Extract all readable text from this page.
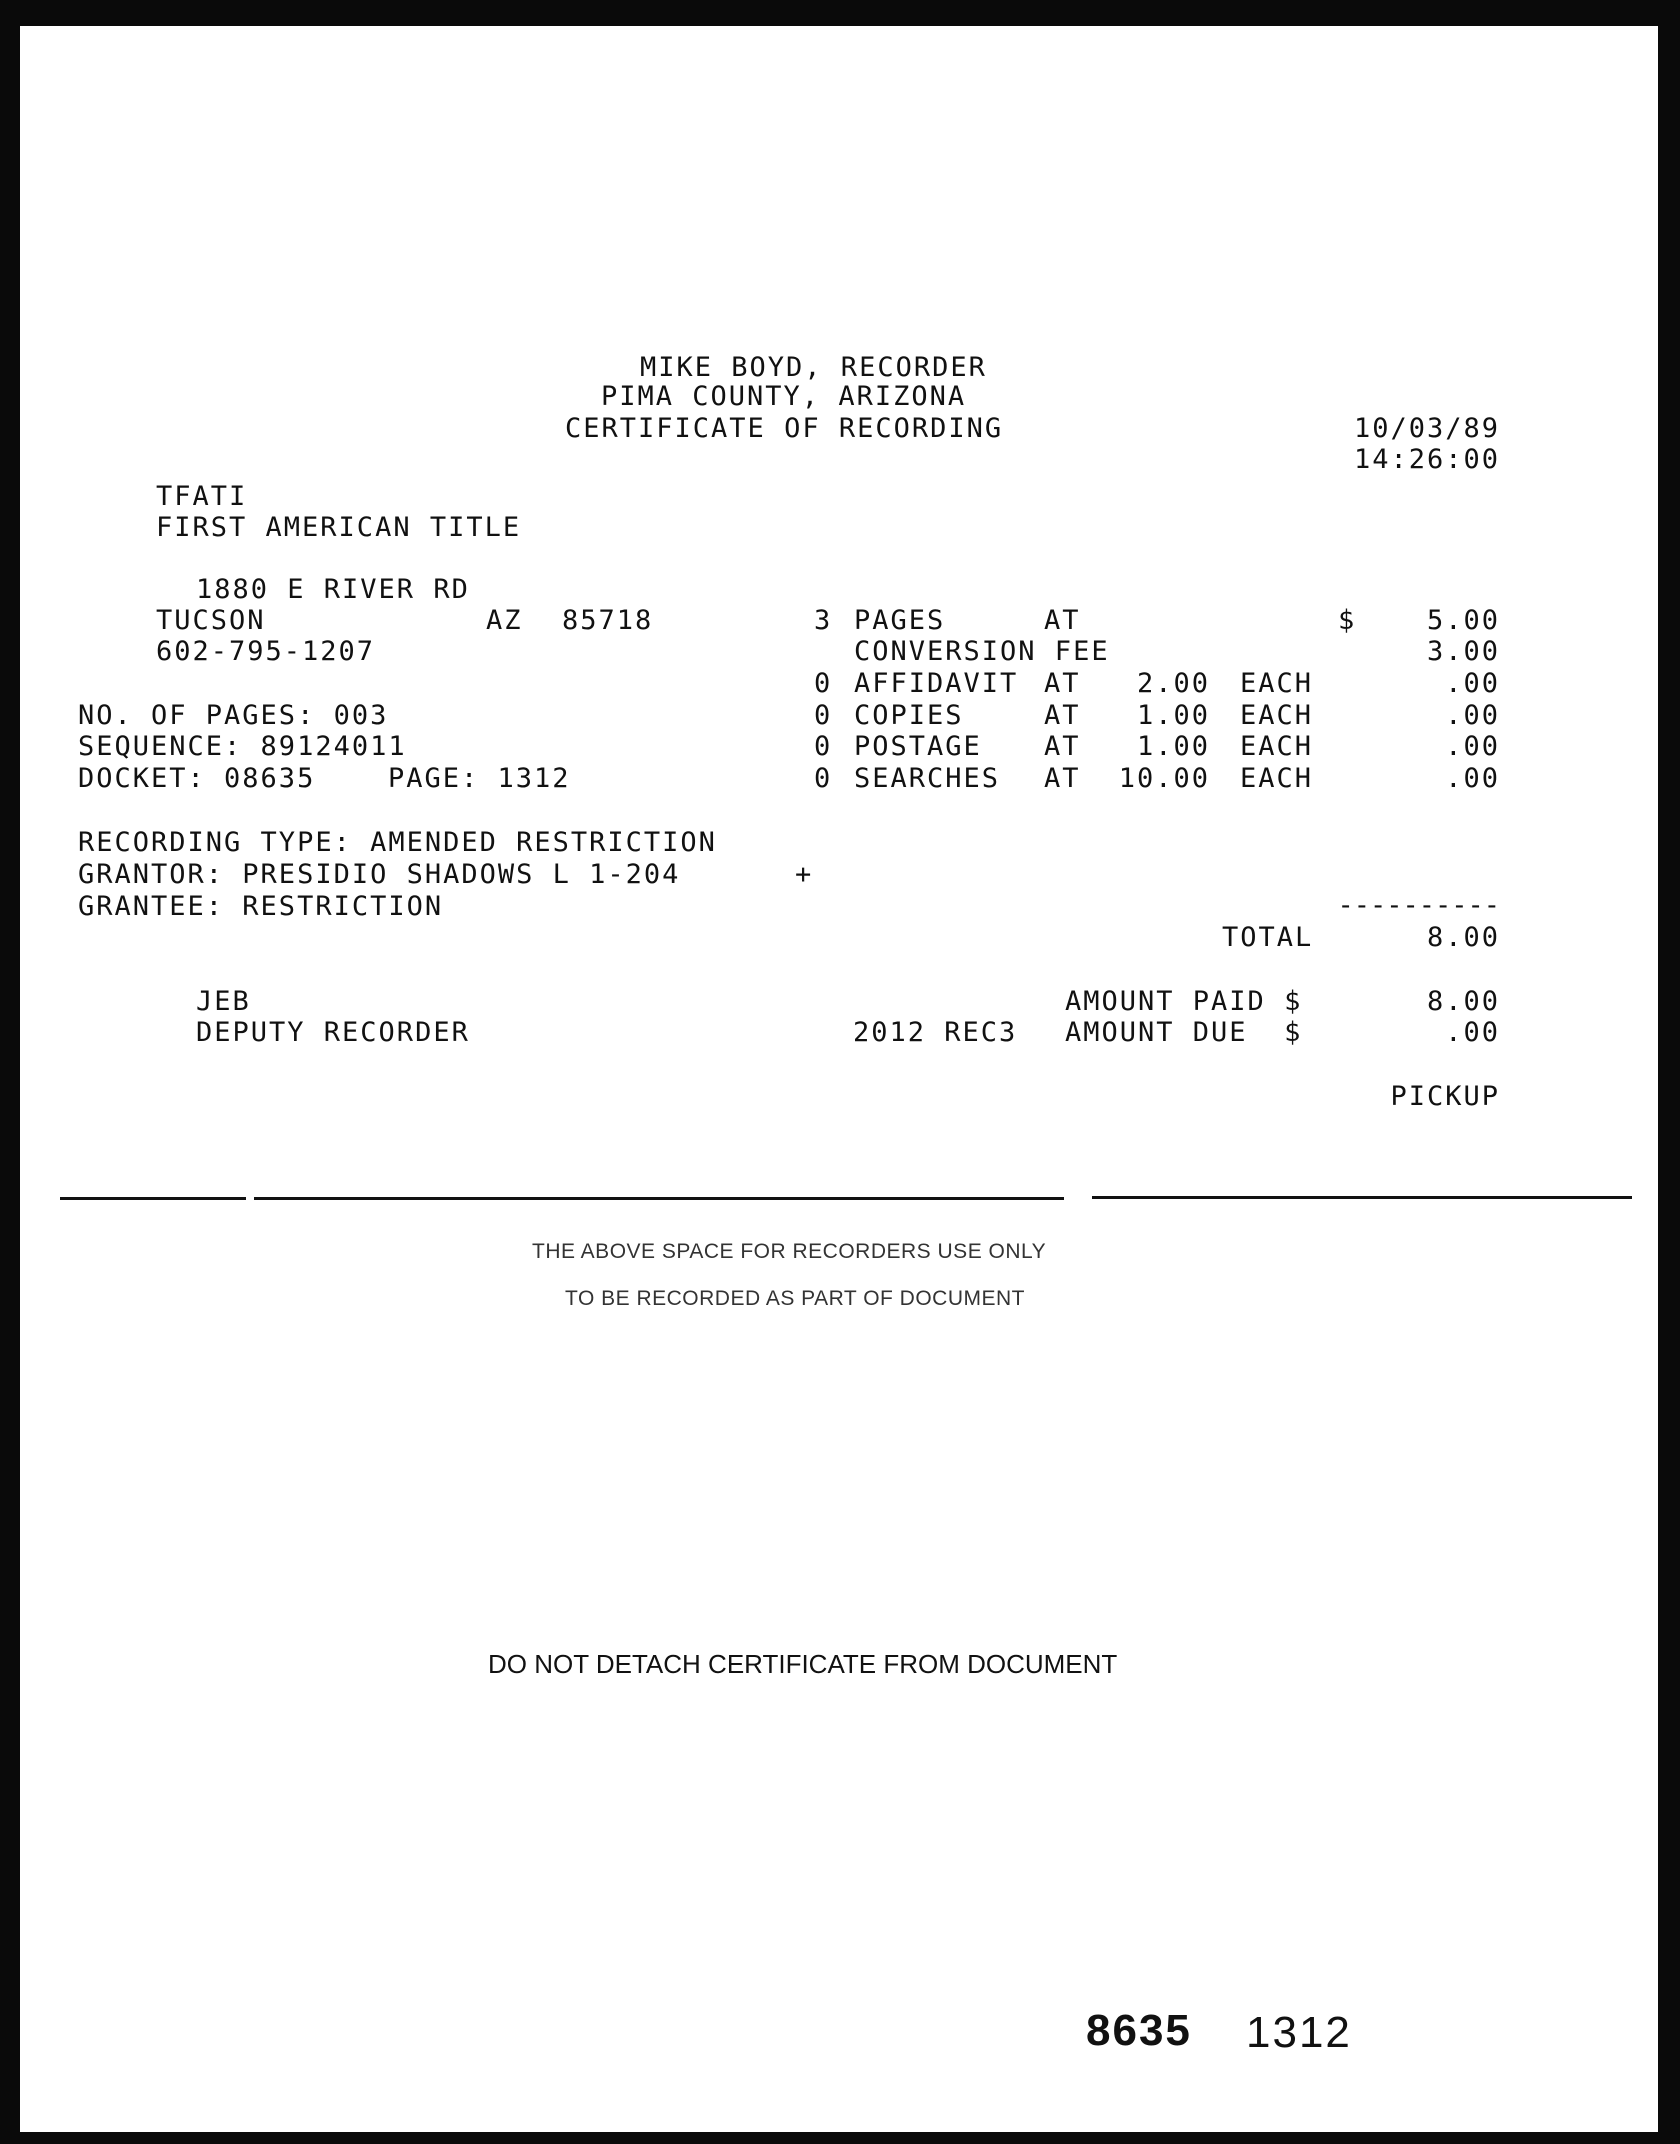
MIKE BOYD, RECORDER
PIMA COUNTY, ARIZONA
CERTIFICATE OF RECORDING	10/03/89
14:26:00
TFATI
FIRST AMERICAN TITLE
1880 E RIVER RD
TUCSON	AZ 85718
602-795-1207
NO. OF PAGES: 003
SEQUENCE: 89124011
DOCKET: 08635	PAGE: 1312
RECORDING TYPE: AMENDED RESTRICTION
GRANTOR: PRESIDIO SHADOWS L 1-204	+
GRANTEE: RESTRICTION
3 PAGES	AT	$	5.00
CONVERSION FEE	3.00
0 AFFIDAVIT AT	2.00 EACH	.00
0 COPIES	AT	1.00 EACH	.00
0 POSTAGE AT	1.00 EACH	.00
0 SEARCHES AT	10.00 EACH	.00
----------
TOTAL	8.00
JEB
DEPUTY RECORDER
AMOUNT PAID $	8.00
2012 REC3 AMOUNT DUE  $	.00
PICKUP
THE ABOVE SPACE FOR RECORDERS USE ONLY
TO BE RECORDED AS PART OF DOCUMENT
DO NOT DETACH CERTIFICATE FROM DOCUMENT
8635 1312
